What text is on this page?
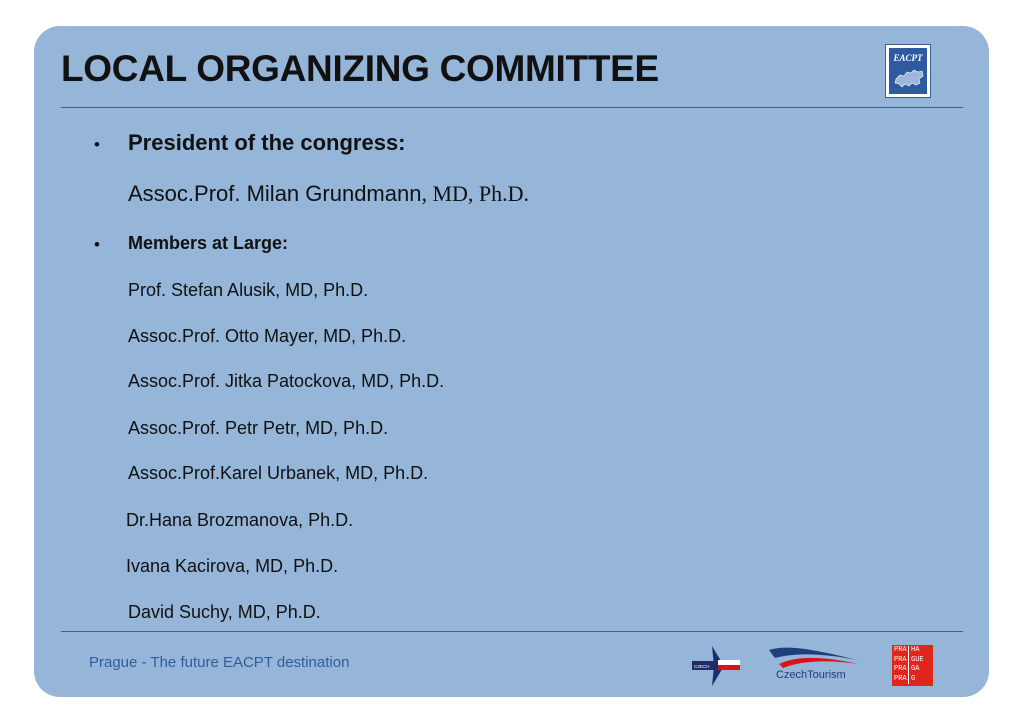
LOCAL ORGANIZING COMMITTEE	EACPT
• President of the congress:
Assoc.Prof. Milan Grundmann, MD, Ph.D.
• Members at Large:
Prof. Stefan Alusik, MD, Ph.D.
Assoc.Prof. Otto Mayer, MD, Ph.D.
Assoc.Prof. Jitka Patockova, MD, Ph.D.
Assoc.Prof. Petr Petr, MD, Ph.D.
Assoc.Prof.Karel Urbanek, MD, Ph.D.
Dr.Hana Brozmanova, Ph.D.
Ivana Kacirova, MD, Ph.D.
David Suchy, MD, Ph.D.
Prague - The future EACPT destination	CZECH
CzechTourism
PRA HA
PRA GUE
PRA GA
PRA G
